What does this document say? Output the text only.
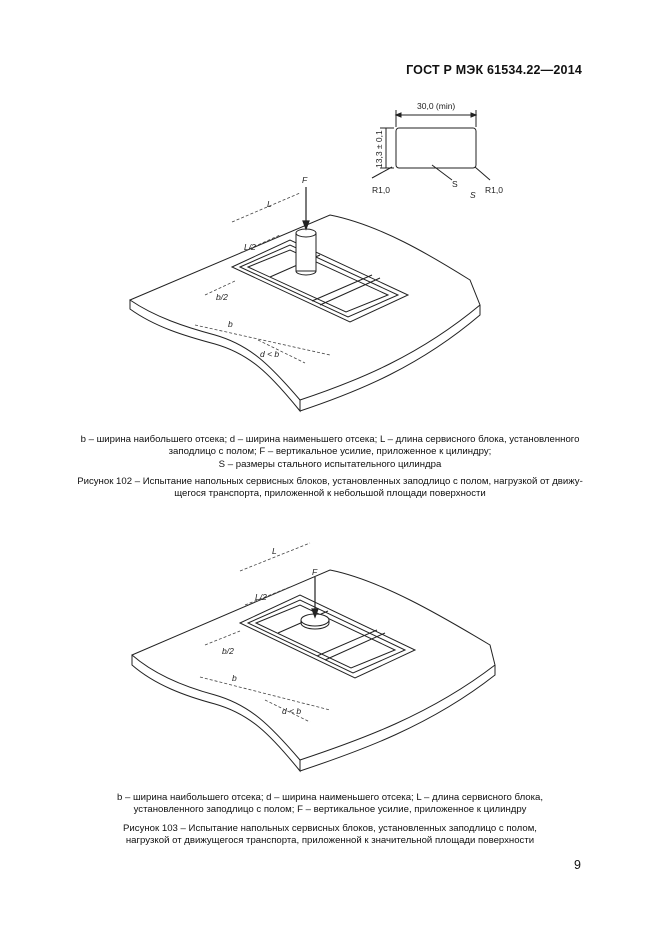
ГОСТ Р МЭК 61534.22—2014
30,0 (min)
13,3 ± 0,1
R1,0	R1,0
S
S
L
F
L/2
b/2
b
d < b
b – ширина наибольшего отсека; d – ширина наименьшего отсека; L – длина сервисного блока, установленного
заподлицо с полом; F – вертикальное усилие, приложенное к цилиндру;
S – размеры стального испытательного цилиндра
Рисунок 102 – Испытание напольных сервисных блоков, установленных заподлицо с полом, нагрузкой от движу-
щегося транспорта, приложенной к небольшой площади поверхности
L
F
L/2
b/2
b
d < b
b – ширина наибольшего отсека; d – ширина наименьшего отсека; L – длина сервисного блока,
установленного заподлицо с полом; F – вертикальное усилие, приложенное к цилиндру
Рисунок 103 – Испытание напольных сервисных блоков, установленных заподлицо с полом,
нагрузкой от движущегося транспорта, приложенной к значительной площади поверхности
9
